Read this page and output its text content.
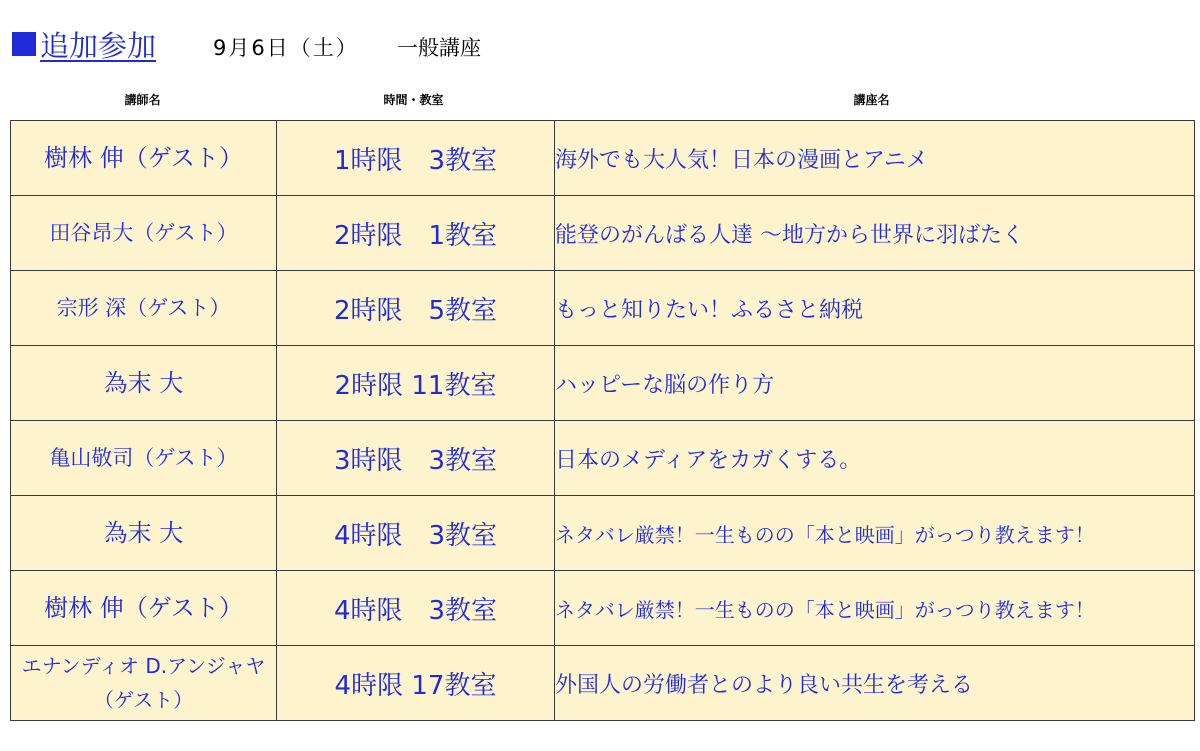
追加参加	9月6日（土） 一般講座
講師名	時間・教室	講座名
樹林 伸（ゲスト）	1時限　3教室	海外でも大人気！日本の漫画とアニメ
田谷昂大（ゲスト）	2時限　1教室	能登のがんばる人達 〜地方から世界に羽ばたく
宗形 深（ゲスト）	2時限　5教室	もっと知りたい！ふるさと納税
為末 大	2時限 11教室	ハッピーな脳の作り方
亀山敬司（ゲスト）	3時限　3教室	日本のメディアをカガくする。
為末 大	4時限　3教室	ネタバレ厳禁！一生ものの「本と映画」がっつり教えます！
樹林 伸（ゲスト）	4時限　3教室	ネタバレ厳禁！一生ものの「本と映画」がっつり教えます！
エナンディオ D.アンジャヤ（ゲスト）	4時限 17教室	外国人の労働者とのより良い共生を考える
